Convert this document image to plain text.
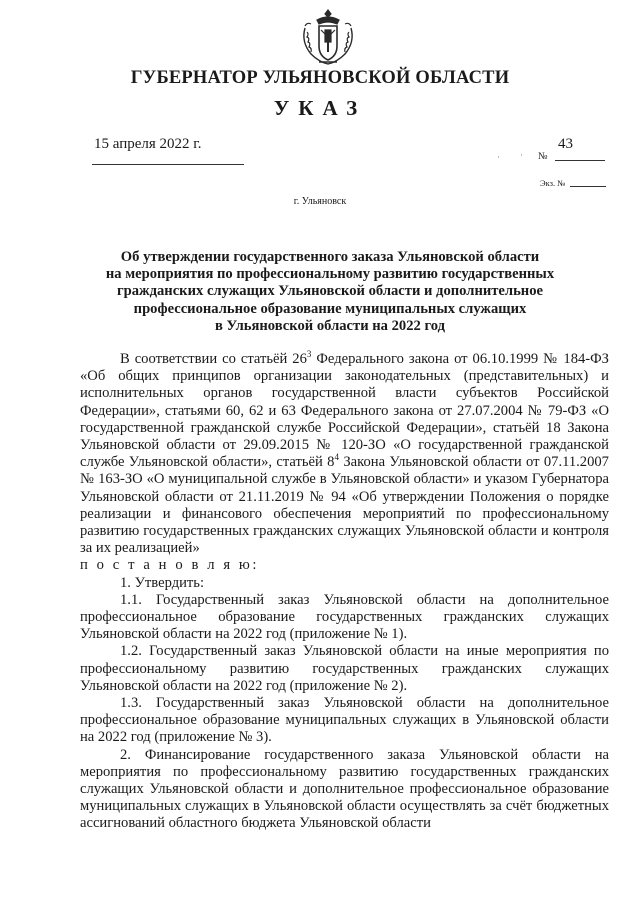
ГУБЕРНАТОР УЛЬЯНОВСКОЙ ОБЛАСТИ
УКАЗ
15 апреля 2022 г.	43
№
Экз. №
г. Ульяновск
Об утверждении государственного заказа Ульяновской области
на мероприятия по профессиональному развитию государственных
гражданских служащих Ульяновской области и дополнительное
профессиональное образование муниципальных служащих
в Ульяновской области на 2022 год

В соответствии со статьёй $26^3$ Федерального закона от 06.10.1999 № 184-ФЗ «Об общих принципов организации законодательных (представительных) и исполнительных органов государственной власти субъектов Российской Федерации», статьями 60, 62 и 63 Федерального закона от 27.07.2004 № 79-ФЗ «О государственной гражданской службе Российской Федерации», статьёй 18 Закона Ульяновской области от 29.09.2015 № 120-ЗО «О государственной гражданской службе Ульяновской области», статьёй $8^4$ Закона Ульяновской области от 07.11.2007 № 163-ЗО «О муниципальной службе в Ульяновской области» и указом Губернатора Ульяновской области от 21.11.2019 № 94 «Об утверждении Положения о порядке реализации и финансового обеспечения мероприятий по профессиональному развитию государственных гражданских служащих Ульяновской области и контроля за их реализацией»

п о с т а н о в л я ю:

1. Утвердить:

1.1. Государственный заказ Ульяновской области на дополнительное профессиональное образование государственных гражданских служащих Ульяновской области на 2022 год (приложение № 1).

1.2. Государственный заказ Ульяновской области на иные мероприятия по профессиональному развитию государственных гражданских служащих Ульяновской области на 2022 год (приложение № 2).

1.3. Государственный заказ Ульяновской области на дополнительное профессиональное образование муниципальных служащих в Ульяновской области на 2022 год (приложение № 3).

2. Финансирование государственного заказа Ульяновской области на мероприятия по профессиональному развитию государственных гражданских служащих Ульяновской области и дополнительное профессиональное образование муниципальных служащих в Ульяновской области осуществлять за счёт бюджетных ассигнований областного бюджета Ульяновской области

· ·
